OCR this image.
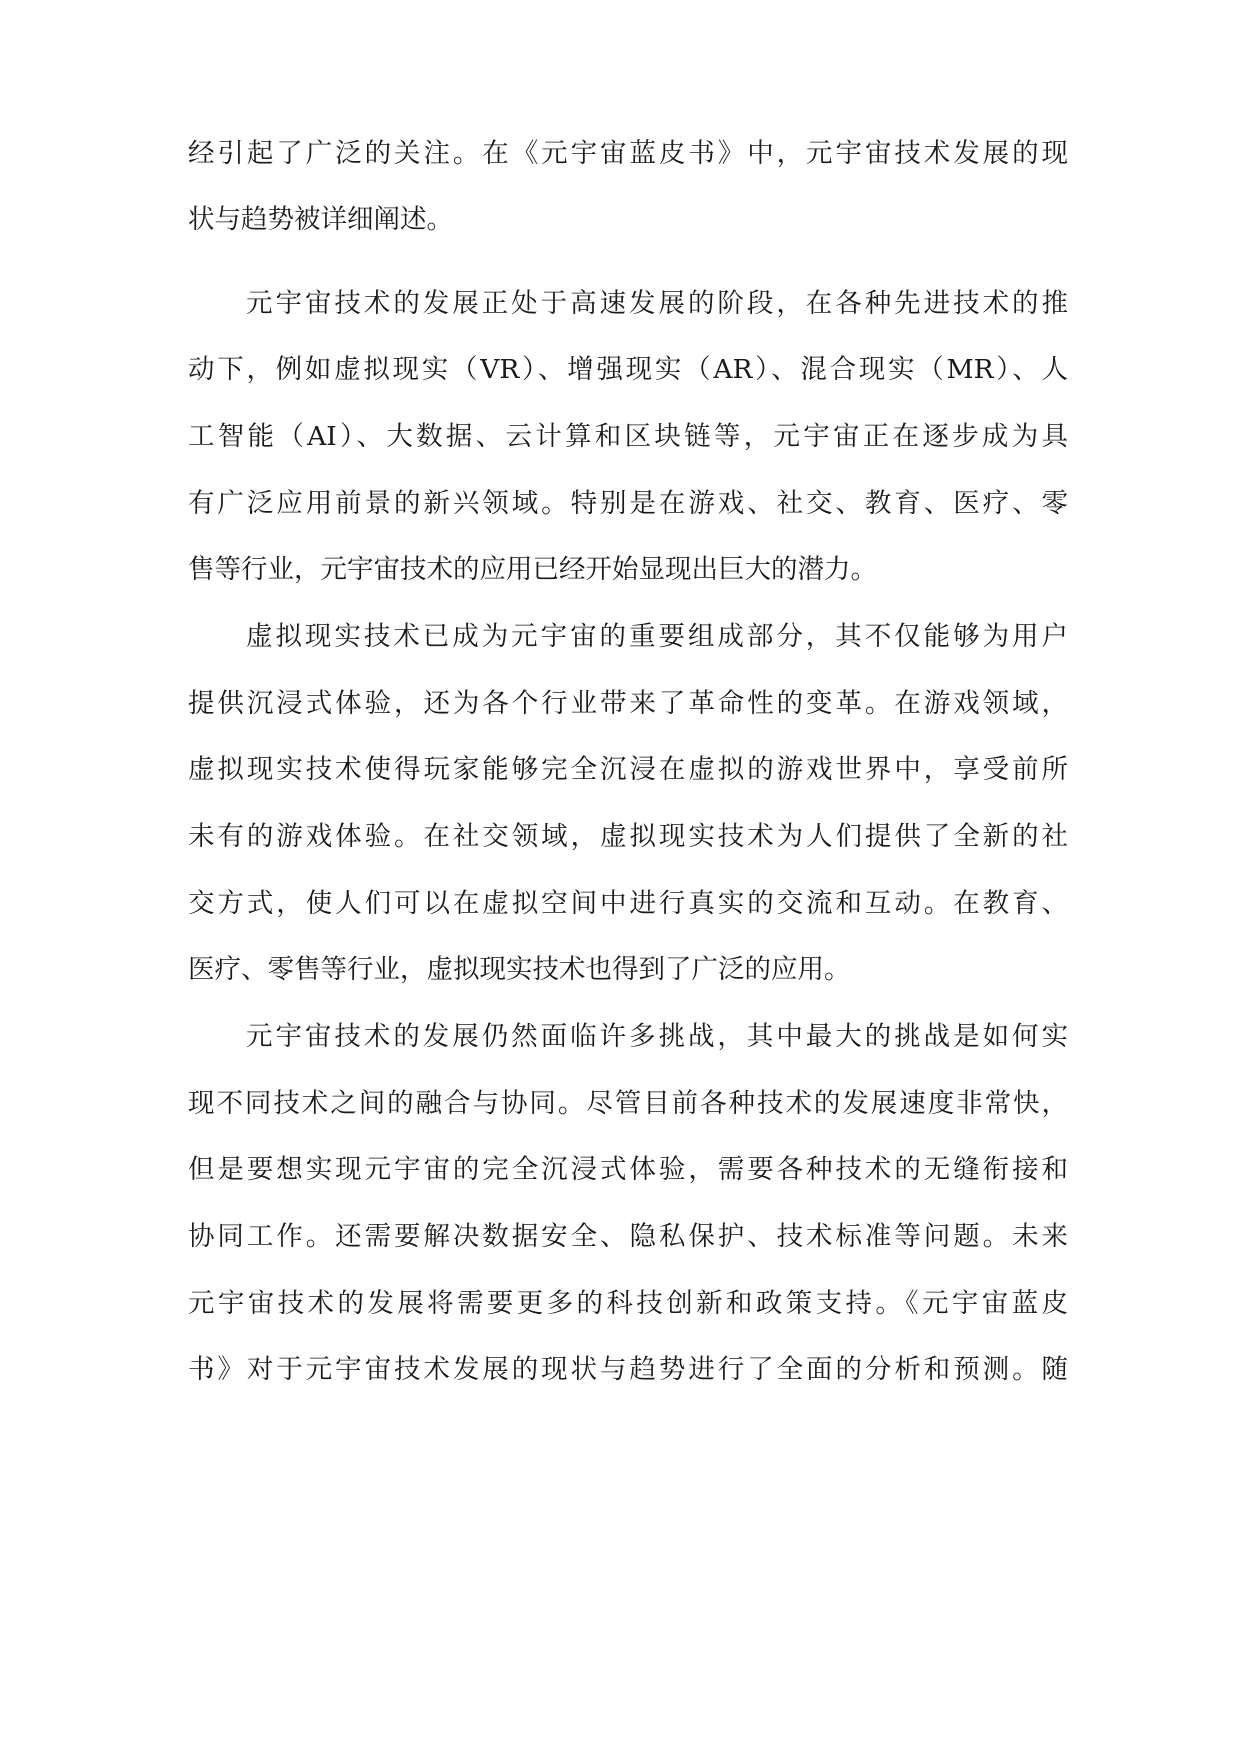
经引起了广泛的关注。在《元宇宙蓝皮书》中，元宇宙技术发展的现
状与趋势被详细阐述。
元宇宙技术的发展正处于高速发展的阶段，在各种先进技术的推
动下，例如虚拟现实（VR）、增强现实（AR）、混合现实（MR）、人
工智能（AI）、大数据、云计算和区块链等，元宇宙正在逐步成为具
有广泛应用前景的新兴领域。特别是在游戏、社交、教育、医疗、零
售等行业，元宇宙技术的应用已经开始显现出巨大的潜力。
虚拟现实技术已成为元宇宙的重要组成部分，其不仅能够为用户
提供沉浸式体验，还为各个行业带来了革命性的变革。在游戏领域，
虚拟现实技术使得玩家能够完全沉浸在虚拟的游戏世界中，享受前所
未有的游戏体验。在社交领域，虚拟现实技术为人们提供了全新的社
交方式，使人们可以在虚拟空间中进行真实的交流和互动。在教育、
医疗、零售等行业，虚拟现实技术也得到了广泛的应用。
元宇宙技术的发展仍然面临许多挑战，其中最大的挑战是如何实
现不同技术之间的融合与协同。尽管目前各种技术的发展速度非常快，
但是要想实现元宇宙的完全沉浸式体验，需要各种技术的无缝衔接和
协同工作。还需要解决数据安全、隐私保护、技术标准等问题。未来
元宇宙技术的发展将需要更多的科技创新和政策支持。《元宇宙蓝皮
书》对于元宇宙技术发展的现状与趋势进行了全面的分析和预测。随
